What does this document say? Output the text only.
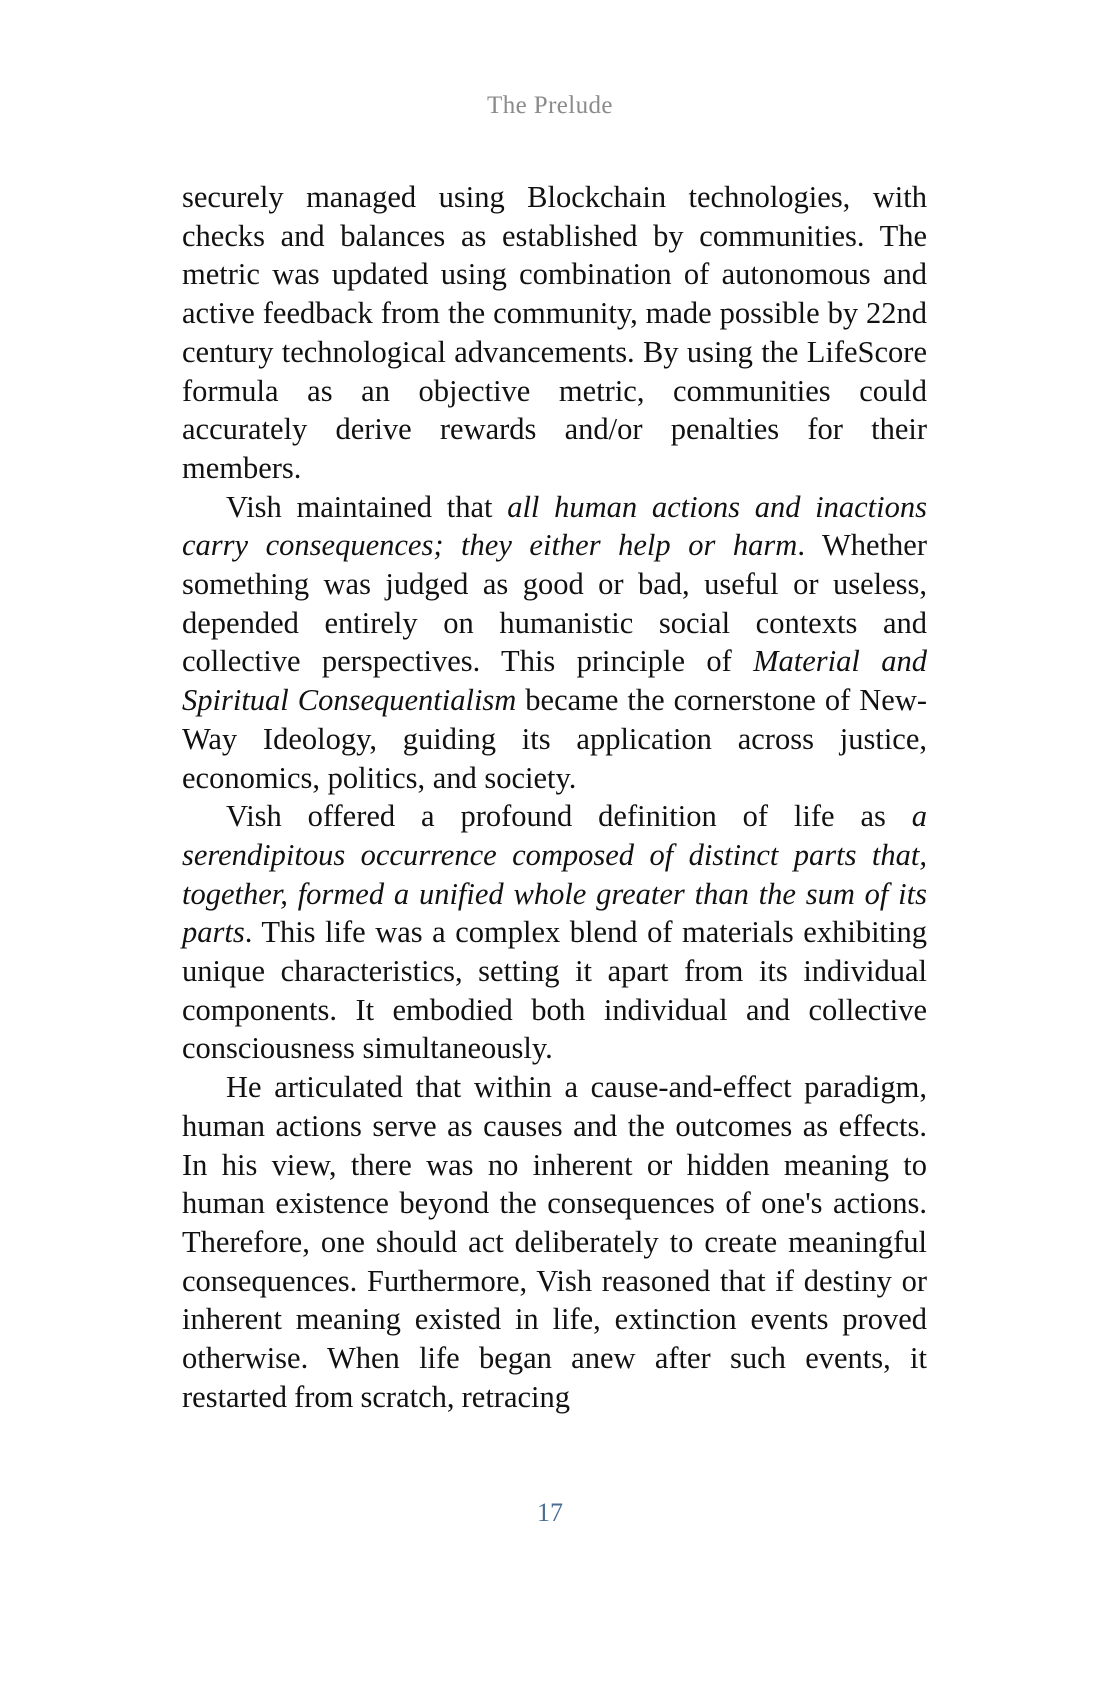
The Prelude

securely managed using Blockchain technologies, with checks and balances as established by communities. The metric was updated using combination of autonomous and active feedback from the community, made possible by 22nd century technological advancements. By using the LifeScore formula as an objective metric, communities could accurately derive rewards and/or penalties for their members.

Vish maintained that all human actions and inactions carry consequences; they either help or harm. Whether something was judged as good or bad, useful or useless, depended entirely on humanistic social contexts and collective perspectives. This principle of Material and Spiritual Consequentialism became the cornerstone of New-Way Ideology, guiding its application across justice, economics, politics, and society.

Vish offered a profound definition of life as a serendipitous occurrence composed of distinct parts that, together, formed a unified whole greater than the sum of its parts. This life was a complex blend of materials exhibiting unique characteristics, setting it apart from its individual components. It embodied both individual and collective consciousness simultaneously.

He articulated that within a cause-and-effect paradigm, human actions serve as causes and the outcomes as effects. In his view, there was no inherent or hidden meaning to human existence beyond the consequences of one's actions. Therefore, one should act deliberately to create meaningful consequences. Furthermore, Vish reasoned that if destiny or inherent meaning existed in life, extinction events proved otherwise. When life began anew after such events, it restarted from scratch, retracing

17
